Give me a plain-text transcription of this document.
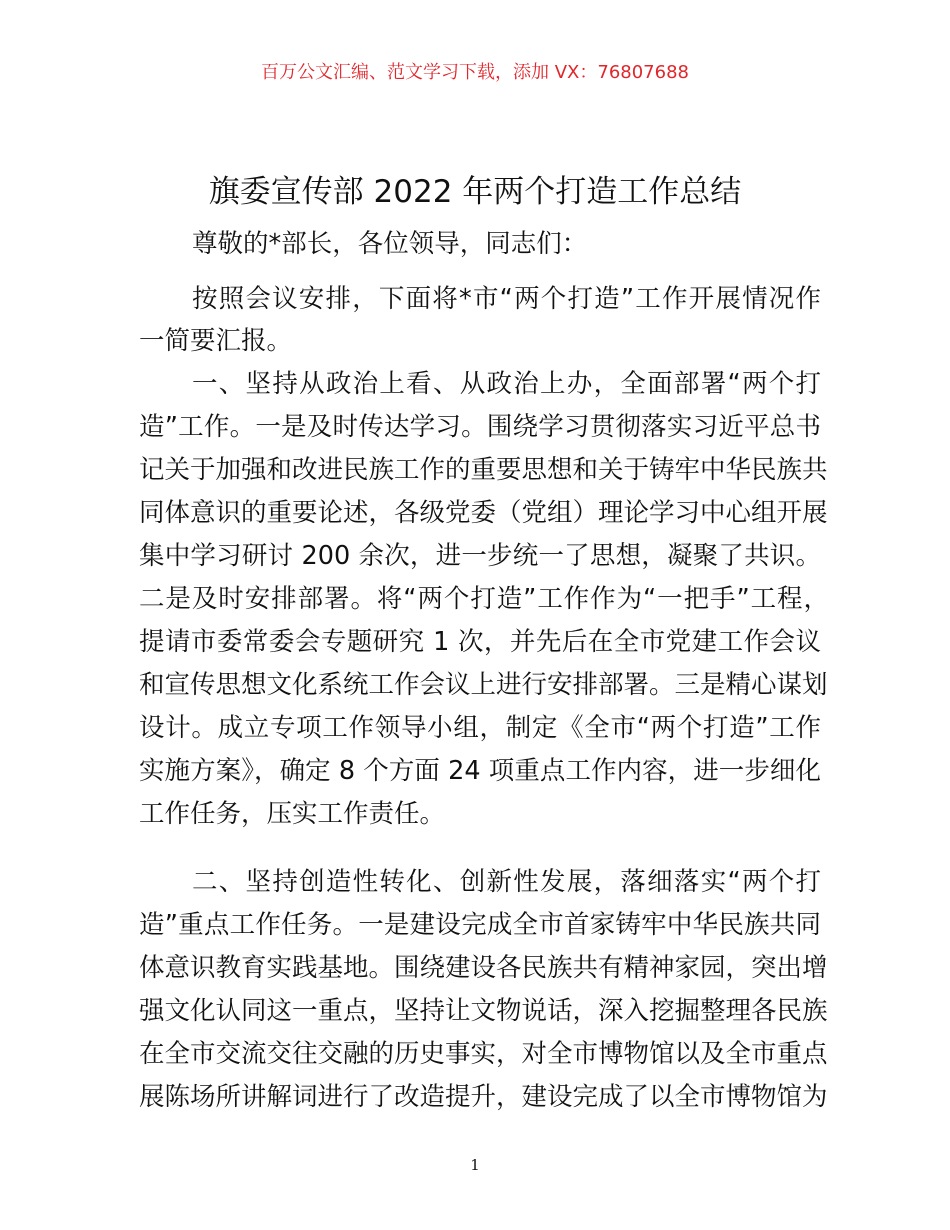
百万公文汇编、范文学习下载，添加 VX：76807688
旗委宣传部 2022 年两个打造工作总结
尊敬的*部长，各位领导，同志们：
按照会议安排，下面将*市“两个打造”工作开展情况作
一简要汇报。
一、坚持从政治上看、从政治上办，全面部署“两个打
造”工作。一是及时传达学习。围绕学习贯彻落实习近平总书
记关于加强和改进民族工作的重要思想和关于铸牢中华民族共
同体意识的重要论述，各级党委（党组）理论学习中心组开展
集中学习研讨 200 余次，进一步统一了思想，凝聚了共识。
二是及时安排部署。将“两个打造”工作作为“一把手”工程，
提请市委常委会专题研究 1 次，并先后在全市党建工作会议
和宣传思想文化系统工作会议上进行安排部署。三是精心谋划
设计。成立专项工作领导小组，制定《全市“两个打造”工作
实施方案》，确定 8 个方面 24 项重点工作内容，进一步细化
工作任务，压实工作责任。
二、坚持创造性转化、创新性发展，落细落实“两个打
造”重点工作任务。一是建设完成全市首家铸牢中华民族共同
体意识教育实践基地。围绕建设各民族共有精神家园，突出增
强文化认同这一重点，坚持让文物说话，深入挖掘整理各民族
在全市交流交往交融的历史事实，对全市博物馆以及全市重点
展陈场所讲解词进行了改造提升，建设完成了以全市博物馆为
1
